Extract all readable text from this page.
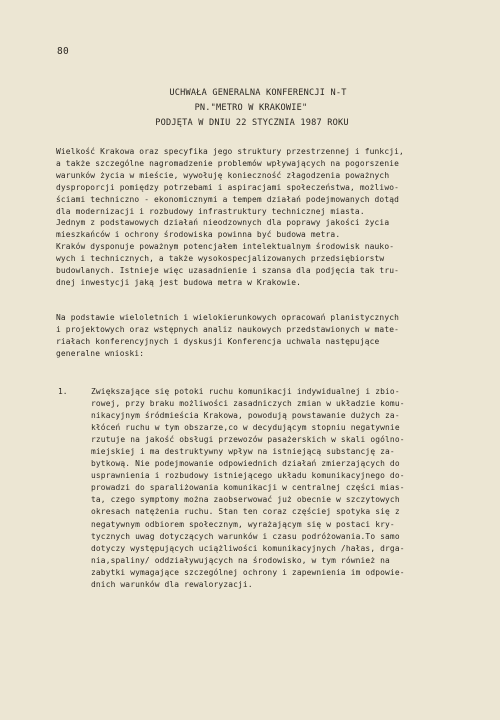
80
UCHWAŁA GENERALNA KONFERENCJI N-T
PN."METRO W KRAKOWIE"
PODJĘTA W DNIU 22 STYCZNIA 1987 ROKU
Wielkość Krakowa oraz specyfika jego struktury przestrzennej i funkcji,
a także szczególne nagromadzenie problemów wpływających na pogorszenie
warunków życia w mieście, wywołuję konieczność złagodzenia poważnych
dysproporcji pomiędzy potrzebami i aspiracjami społeczeństwa, możliwo-
ściami techniczno - ekonomicznymi a tempem działań podejmowanych dotąd
dla modernizacji i rozbudowy infrastruktury technicznej miasta.
Jednym z podstawowych działań nieodzownych dla poprawy jakości życia
mieszkańców i ochrony środowiska powinna być budowa metra.
Kraków dysponuje poważnym potencjałem intelektualnym środowisk nauko-
wych i technicznych, a także wysokospecjalizowanych przedsiębiorstw
budowlanych. Istnieje więc uzasadnienie i szansa dla podjęcia tak tru-
dnej inwestycji jaką jest budowa metra w Krakowie.
Na podstawie wieloletnich i wielokierunkowych opracowań planistycznych
i projektowych oraz wstępnych analiz naukowych przedstawionych w mate-
riałach konferencyjnych i dyskusji Konferencja uchwala następujące
generalne wnioski:
1.	Zwiększające się potoki ruchu komunikacji indywidualnej i zbio-
rowej, przy braku możliwości zasadniczych zmian w układzie komu-
nikacyjnym śródmieścia Krakowa, powodują powstawanie dużych za-
kłóceń ruchu w tym obszarze,co w decydującym stopniu negatywnie
rzutuje na jakość obsługi przewozów pasażerskich w skali ogólno-
miejskiej i ma destruktywny wpływ na istniejącą substancję za-
bytkową. Nie podejmowanie odpowiednich działań zmierzających do
usprawnienia i rozbudowy istniejącego układu komunikacyjnego do-
prowadzi do sparaliżowania komunikacji w centralnej części mias-
ta, czego symptomy można zaobserwować już obecnie w szczytowych
okresach natężenia ruchu. Stan ten coraz częściej spotyka się z
negatywnym odbiorem społecznym, wyrażającym się w postaci kry-
tycznych uwag dotyczących warunków i czasu podróżowania.To samo
dotyczy występujących uciążliwości komunikacyjnych /hałas, drga-
nia,spaliny/ oddziaływujących na środowisko, w tym również na
zabytki wymagające szczególnej ochrony i zapewnienia im odpowie-
dnich warunków dla rewaloryzacji.
